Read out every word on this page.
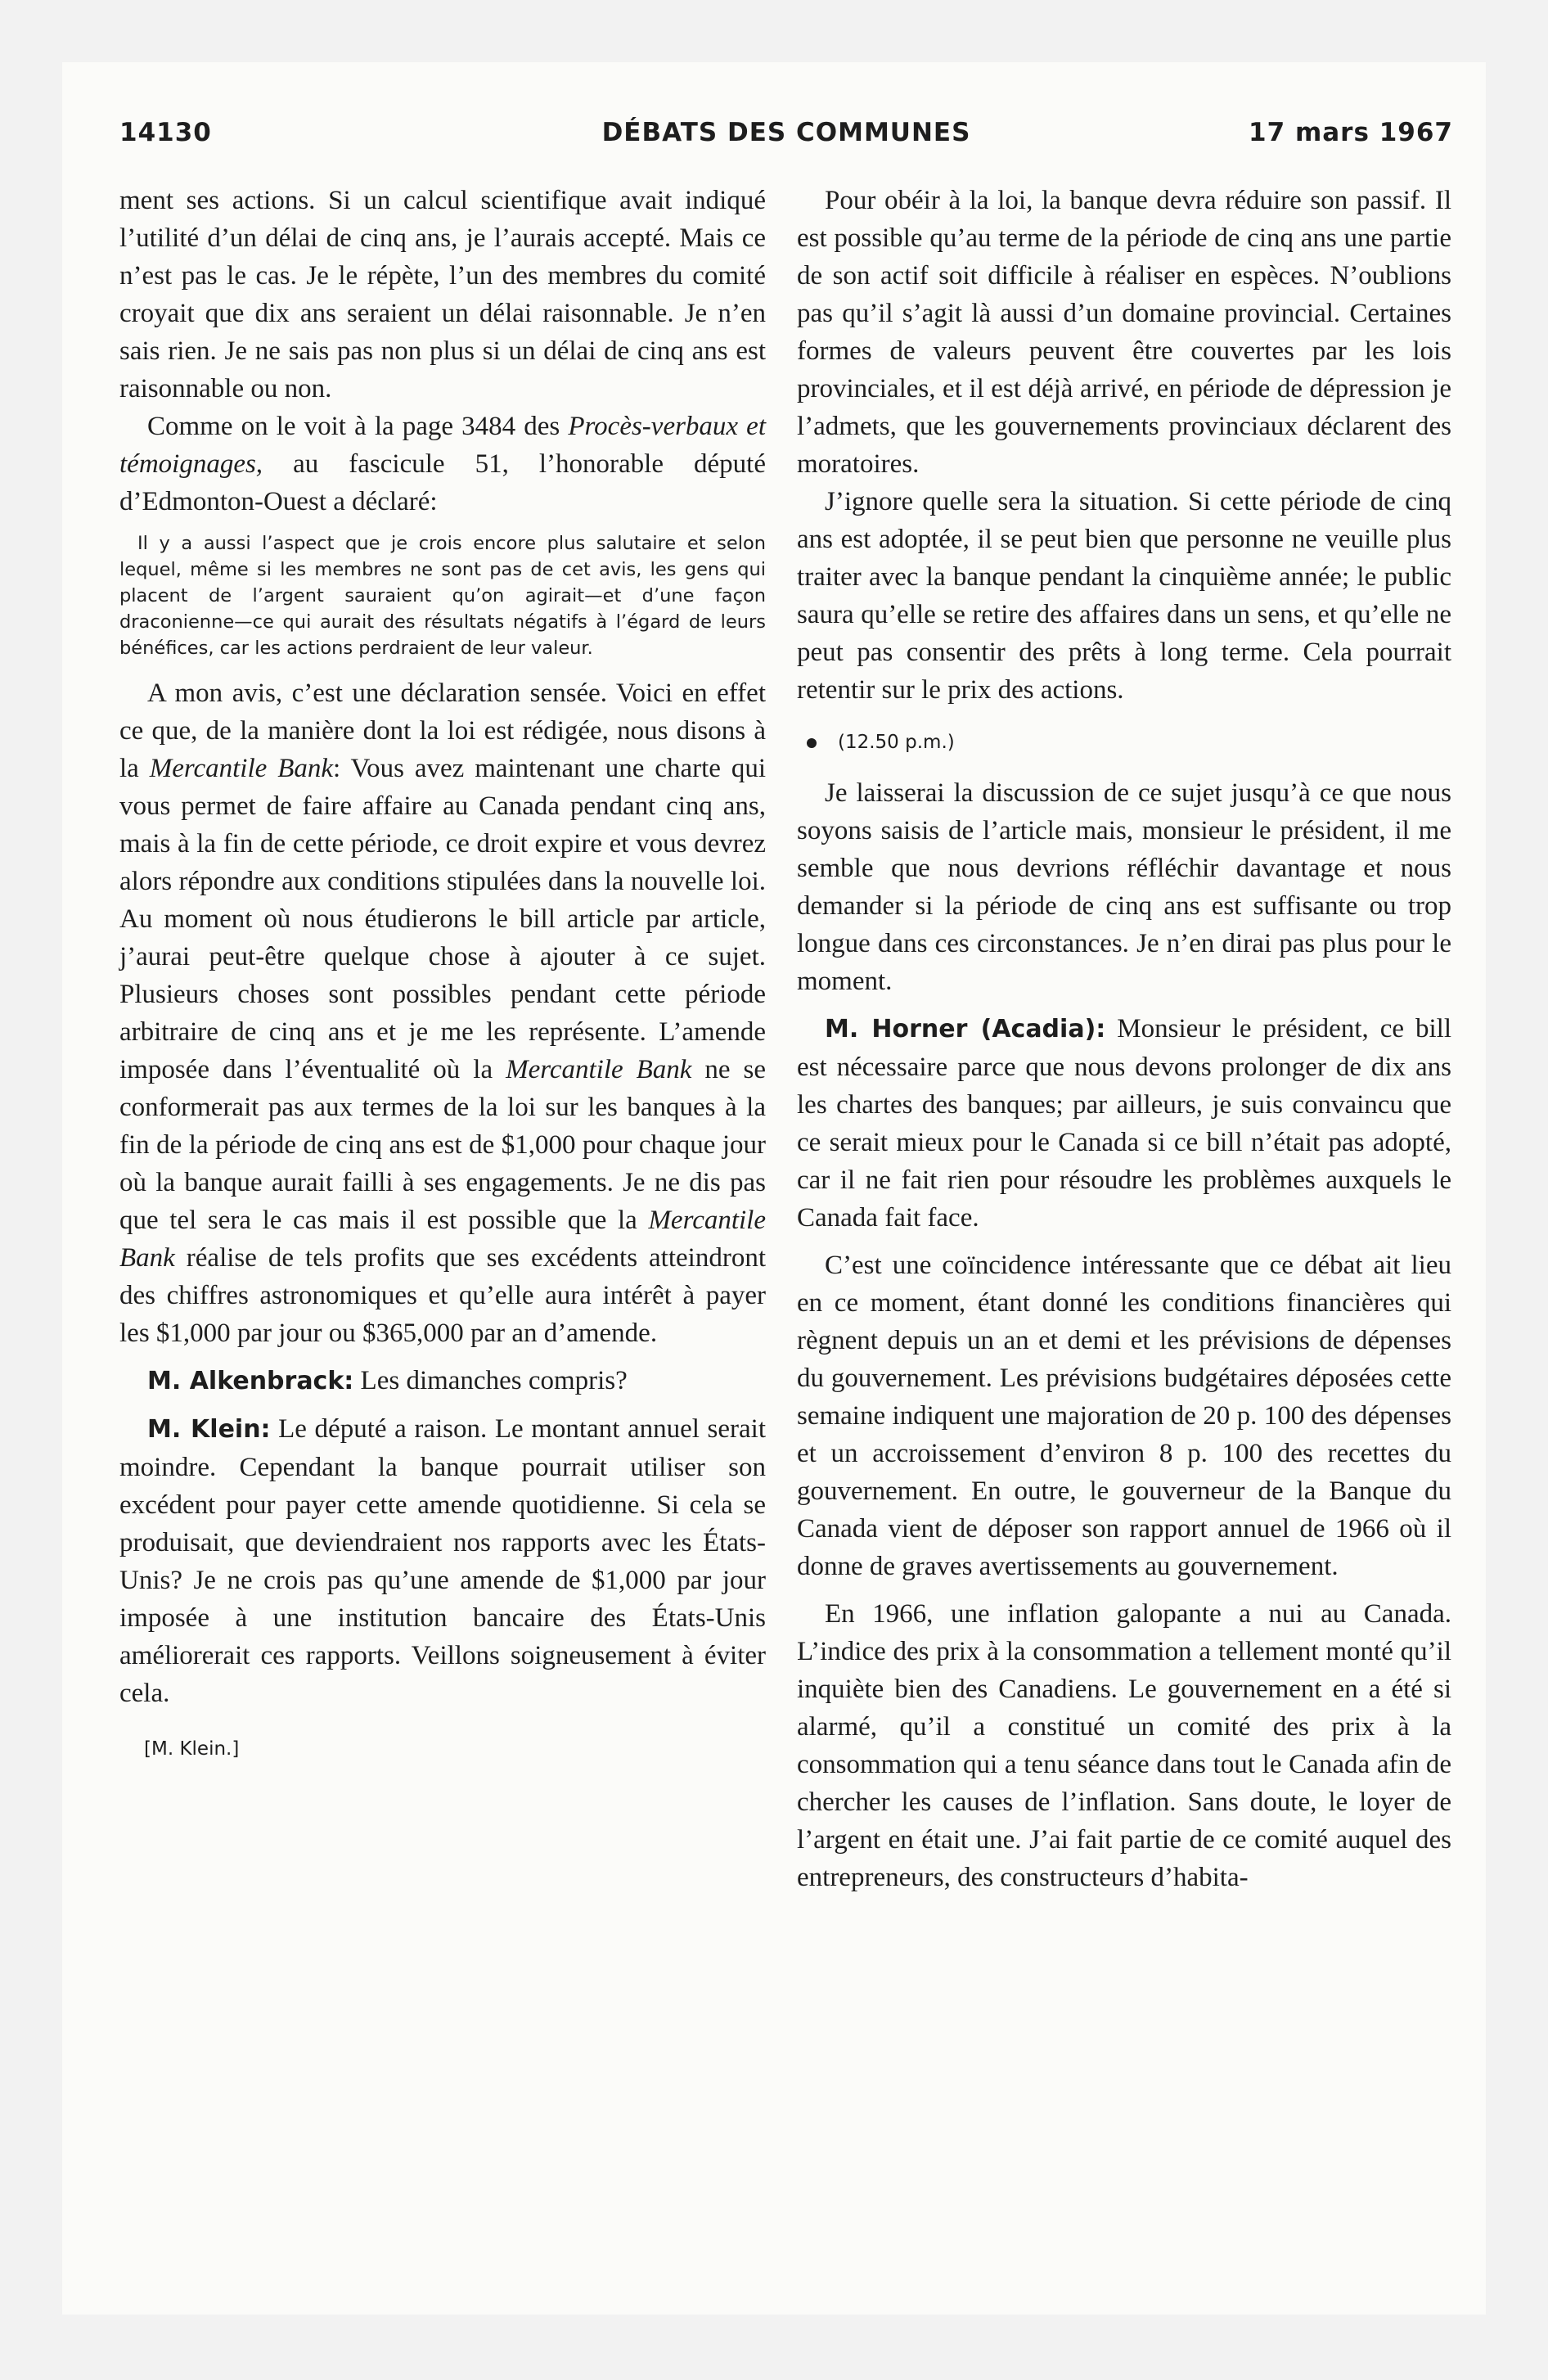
14130	DÉBATS DES COMMUNES	17 mars 1967

ment ses actions. Si un calcul scientifique avait indiqué l’utilité d’un délai de cinq ans, je l’aurais accepté. Mais ce n’est pas le cas. Je le répète, l’un des membres du comité croyait que dix ans seraient un délai raisonnable. Je n’en sais rien. Je ne sais pas non plus si un délai de cinq ans est raisonnable ou non.

Comme on le voit à la page 3484 des Procès-verbaux et témoignages, au fascicule 51, l’honorable député d’Edmonton-Ouest a déclaré:

Il y a aussi l’aspect que je crois encore plus salutaire et selon lequel, même si les membres ne sont pas de cet avis, les gens qui placent de l’argent sauraient qu’on agirait—et d’une façon draconienne—ce qui aurait des résultats négatifs à l’égard de leurs bénéfices, car les actions perdraient de leur valeur.

A mon avis, c’est une déclaration sensée. Voici en effet ce que, de la manière dont la loi est rédigée, nous disons à la Mercantile Bank: Vous avez maintenant une charte qui vous permet de faire affaire au Canada pendant cinq ans, mais à la fin de cette période, ce droit expire et vous devrez alors répondre aux conditions stipulées dans la nouvelle loi. Au moment où nous étudierons le bill article par article, j’aurai peut-être quelque chose à ajouter à ce sujet. Plusieurs choses sont possibles pendant cette période arbitraire de cinq ans et je me les représente. L’amende imposée dans l’éventualité où la Mercantile Bank ne se conformerait pas aux termes de la loi sur les banques à la fin de la période de cinq ans est de $1,000 pour chaque jour où la banque aurait failli à ses engagements. Je ne dis pas que tel sera le cas mais il est possible que la Mercantile Bank réalise de tels profits que ses excédents atteindront des chiffres astronomiques et qu’elle aura intérêt à payer les $1,000 par jour ou $365,000 par an d’amende.

M. Alkenbrack: Les dimanches compris?

M. Klein: Le député a raison. Le montant annuel serait moindre. Cependant la banque pourrait utiliser son excédent pour payer cette amende quotidienne. Si cela se produisait, que deviendraient nos rapports avec les États-Unis? Je ne crois pas qu’une amende de $1,000 par jour imposée à une institution bancaire des États-Unis améliorerait ces rapports. Veillons soigneusement à éviter cela.

[M. Klein.]

Pour obéir à la loi, la banque devra réduire son passif. Il est possible qu’au terme de la période de cinq ans une partie de son actif soit difficile à réaliser en espèces. N’oublions pas qu’il s’agit là aussi d’un domaine provincial. Certaines formes de valeurs peuvent être couvertes par les lois provinciales, et il est déjà arrivé, en période de dépression je l’admets, que les gouvernements provinciaux déclarent des moratoires.

J’ignore quelle sera la situation. Si cette période de cinq ans est adoptée, il se peut bien que personne ne veuille plus traiter avec la banque pendant la cinquième année; le public saura qu’elle se retire des affaires dans un sens, et qu’elle ne peut pas consentir des prêts à long terme. Cela pourrait retentir sur le prix des actions.

(12.50 p.m.)

Je laisserai la discussion de ce sujet jusqu’à ce que nous soyons saisis de l’article mais, monsieur le président, il me semble que nous devrions réfléchir davantage et nous demander si la période de cinq ans est suffisante ou trop longue dans ces circonstances. Je n’en dirai pas plus pour le moment.

M. Horner (Acadia): Monsieur le président, ce bill est nécessaire parce que nous devons prolonger de dix ans les chartes des banques; par ailleurs, je suis convaincu que ce serait mieux pour le Canada si ce bill n’était pas adopté, car il ne fait rien pour résoudre les problèmes auxquels le Canada fait face.

C’est une coïncidence intéressante que ce débat ait lieu en ce moment, étant donné les conditions financières qui règnent depuis un an et demi et les prévisions de dépenses du gouvernement. Les prévisions budgétaires déposées cette semaine indiquent une majoration de 20 p. 100 des dépenses et un accroissement d’environ 8 p. 100 des recettes du gouvernement. En outre, le gouverneur de la Banque du Canada vient de déposer son rapport annuel de 1966 où il donne de graves avertissements au gouvernement.

En 1966, une inflation galopante a nui au Canada. L’indice des prix à la consommation a tellement monté qu’il inquiète bien des Canadiens. Le gouvernement en a été si alarmé, qu’il a constitué un comité des prix à la consommation qui a tenu séance dans tout le Canada afin de chercher les causes de l’inflation. Sans doute, le loyer de l’argent en était une. J’ai fait partie de ce comité auquel des entrepreneurs, des constructeurs d’habita-
